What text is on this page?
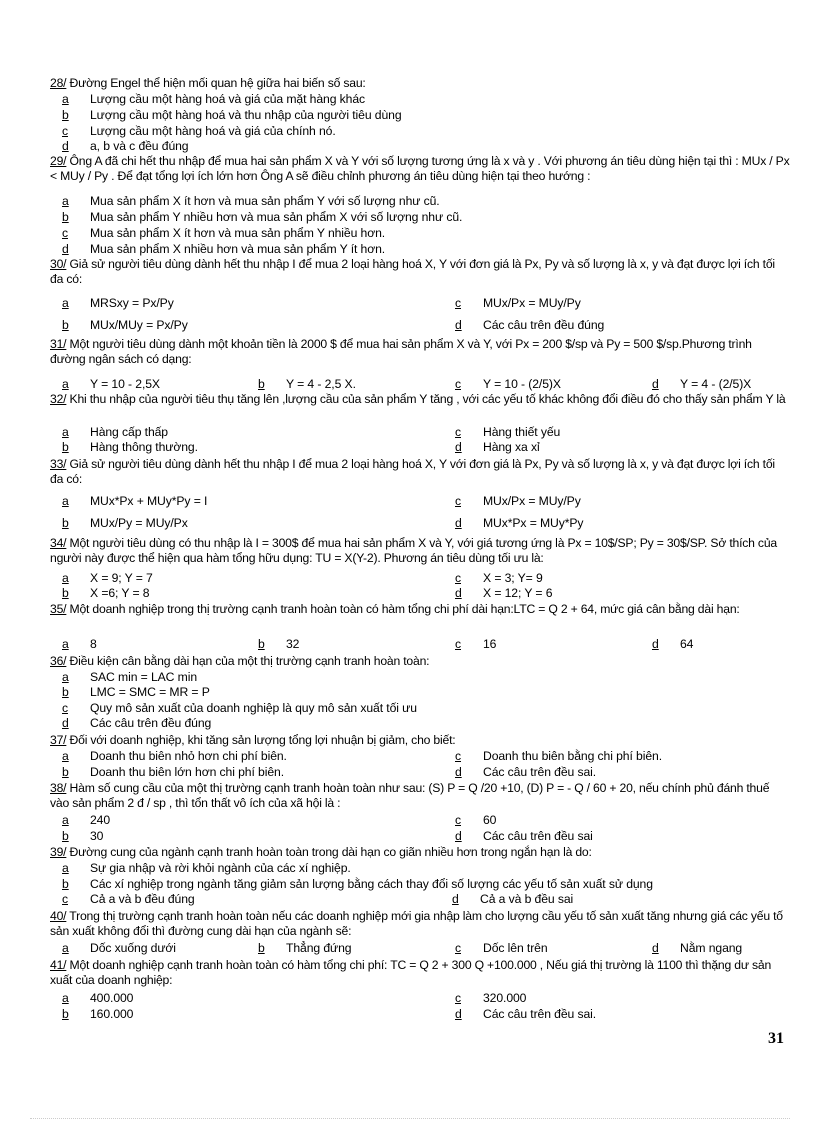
28/ Đường Engel thể hiện mối quan hệ giữa hai biến số sau:
a Lượng cầu một hàng hoá và giá của mặt hàng khác
b Lượng cầu một hàng hoá và thu nhập của người tiêu dùng
c Lượng cầu một hàng hoá và giá của chính nó.
d a, b và c đều đúng
29/ Ông A đã chi hết thu nhập để mua hai sản phẩm X và Y với số lượng tương ứng là x và y . Với phương án tiêu dùng hiện tại thì : MUx / Px < MUy / Py . Để đạt tổng lợi ích lớn hơn Ông A sẽ điều chỉnh phương án tiêu dùng hiện tại theo hướng :
a Mua sản phẩm X ít hơn và mua sản phẩm Y với số lượng như cũ.
b Mua sản phẩm Y nhiều hơn và mua sản phẩm X với số lượng như cũ.
c Mua sản phẩm X ít hơn và mua sản phẩm Y nhiều hơn.
d Mua sản phẩm X nhiều hơn và mua sản phẩm Y ít hơn.
30/ Giả sử người tiêu dùng dành hết thu nhập I để mua 2 loại hàng hoá X, Y với đơn giá là Px, Py và số lượng là x, y và đạt được lợi ích tối đa có:
a MRSxy = Px/Py	c MUx/Px = MUy/Py
b MUx/MUy = Px/Py	d Các câu trên đều đúng
31/ Một người tiêu dùng dành một khoản tiền là 2000 $ để mua hai sản phẩm X và Y, với Px = 200 $/sp và Py = 500 $/sp.Phương trình đường ngân sách có dạng:
a Y = 10 - 2,5X	b Y = 4 - 2,5 X.	c Y = 10 - (2/5)X	d Y = 4 - (2/5)X
32/ Khi thu nhập của người tiêu thụ tăng lên ,lượng cầu của sản phẩm Y tăng , với các yếu tố khác không đổi điều đó cho thấy sản phẩm Y là
a Hàng cấp thấp	c Hàng thiết yếu
b Hàng thông thường.	d Hàng xa xỉ
33/ Giả sử người tiêu dùng dành hết thu nhập I để mua 2 loại hàng hoá X, Y với đơn giá là Px, Py và số lượng là x, y và đạt được lợi ích tối đa có:
a MUx*Px + MUy*Py = I	c MUx/Px = MUy/Py
b MUx/Py = MUy/Px	d MUx*Px = MUy*Py
34/ Một người tiêu dùng có thu nhập là I = 300$ để mua hai sản phẩm X và Y, với giá tương ứng là Px = 10$/SP; Py = 30$/SP. Sở thích của người này được thể hiện qua hàm tổng hữu dụng: TU = X(Y-2). Phương án tiêu dùng tối ưu là:
a X = 9; Y = 7	c X = 3; Y= 9
b X =6; Y = 8	d X = 12; Y = 6
35/ Một doanh nghiệp trong thị trường cạnh tranh hoàn toàn có hàm tổng chi phí dài hạn:LTC = Q 2 + 64, mức giá cân bằng dài hạn:
a 8	b 32	c 16	d 64
36/ Điều kiện cân bằng dài hạn của một thị trường cạnh tranh hoàn toàn:
a SAC min = LAC min
b LMC = SMC = MR = P
c Quy mô sản xuất của doanh nghiệp là quy mô sản xuất tối ưu
d Các câu trên đều đúng
37/ Đối với doanh nghiệp, khi tăng sản lượng tổng lợi nhuận bị giảm, cho biết:
a Doanh thu biên nhỏ hơn chi phí biên.	c Doanh thu biên bằng chi phí biên.
b Doanh thu biên lớn hơn chi phí biên.	d Các câu trên đều sai.
38/ Hàm số cung cầu của một thị trường cạnh tranh hoàn toàn như sau: (S) P = Q /20 +10, (D) P = - Q / 60 + 20, nếu chính phủ đánh thuế vào sản phẩm 2 đ / sp , thì tổn thất vô ích của xã hội là :
a 240	c 60
b 30	d Các câu trên đều sai
39/ Đường cung của ngành cạnh tranh hoàn toàn trong dài hạn co giãn nhiều hơn trong ngắn hạn là do:
a Sự gia nhập và rời khỏi ngành của các xí nghiệp.
b Các xí nghiệp trong ngành tăng giảm sản lượng bằng cách thay đổi số lượng các yếu tố sản xuất sử dụng
c Cả a và b đều đúng	d Cả a và b đều sai
40/ Trong thị trường cạnh tranh hoàn toàn nếu các doanh nghiệp mới gia nhập làm cho lượng cầu yếu tố sản xuất tăng nhưng giá các yếu tố sản xuất không đổi thì đường cung dài hạn của ngành sẽ:
a Dốc xuống dưới	b Thẳng đứng	c Dốc lên trên	d Nằm ngang
41/ Một doanh nghiệp cạnh tranh hoàn toàn có hàm tổng chi phí: TC = Q 2 + 300 Q +100.000 , Nếu giá thị trường là 1100 thì thặng dư sản xuất của doanh nghiệp:
a 400.000	c 320.000
b 160.000	d Các câu trên đều sai.
31
